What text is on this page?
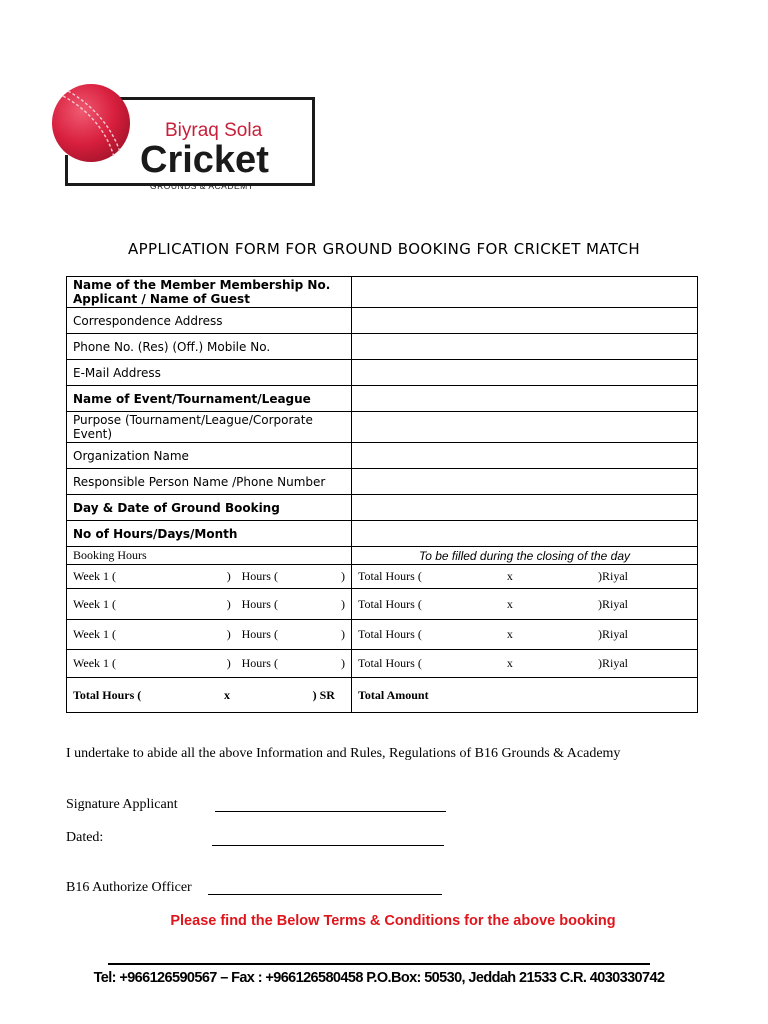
Biyraq Sola
Cricket
GROUNDS & ACADEMY
APPLICATION FORM FOR GROUND BOOKING FOR CRICKET MATCH
Name of the Member Membership No.
Applicant / Name of Guest	

Correspondence Address	
Phone No. (Res) (Off.) Mobile No.	
E-Mail Address	
Name of Event/Tournament/League	
Purpose (Tournament/League/Corporate Event)	
Organization Name	
Responsible Person Name /Phone Number	
Day & Date of Ground Booking	
No of Hours/Days/Month	
Booking Hours	To be filled during the closing of the day

Week 1 ( ) Hours ( )	Total Hours ( x )Riyal

Week 1 ( ) Hours ( )	Total Hours ( x )Riyal

Week 1 ( ) Hours ( )	Total Hours ( x )Riyal

Week 1 ( ) Hours ( )	Total Hours ( x )Riyal

Total Hours ( x ) SR	Total Amount
I undertake to abide all the above Information and Rules, Regulations of B16 Grounds & Academy
Signature Applicant
Dated:
B16 Authorize Officer
Please find the Below Terms & Conditions for the above booking
Tel: +966126590567 – Fax : +966126580458 P.O.Box: 50530, Jeddah 21533 C.R. 4030330742
